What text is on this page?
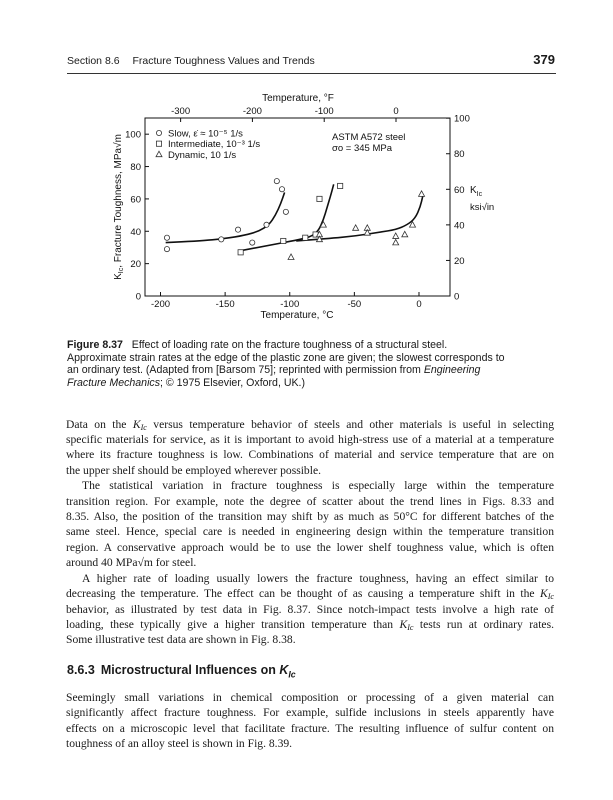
Section 8.6 Fracture Toughness Values and Trends	379
-200	-150	-100	-50	0
0
20
40
60
80
100
-300	-200	-100	0
0
20
40
60
80
100
Temperature, °F
Temperature, °C
$K_{Ic}$, Fracture Toughness, MPa√m	$K_{Ic}$
ksi√in
Slow, ε̇ ≈ 10⁻⁵ 1/s
Intermediate, 10⁻³ 1/s
Dynamic, 10 1/s
ASTM A572 steel
σo = 345 MPa
Figure 8.37 Effect of loading rate on the fracture toughness of a structural steel.
Approximate strain rates at the edge of the plastic zone are given; the slowest corresponds to
an ordinary test. (Adapted from [Barsom 75]; reprinted with permission from Engineering
Fracture Mechanics; © 1975 Elsevier, Oxford, UK.)
Data on the $K_{Ic}$ versus temperature behavior of steels and other materials is useful in selecting
specific materials for service, as it is important to avoid high-stress use of a material at a temperature
where its fracture toughness is low. Combinations of material and service temperature that are on
the upper shelf should be employed wherever possible.
The statistical variation in fracture toughness is especially large within the temperature
transition region. For example, note the degree of scatter about the trend lines in Figs. 8.33 and
8.35. Also, the position of the transition may shift by as much as 50°C for different batches of the
same steel. Hence, special care is needed in engineering design within the temperature transition
region. A conservative approach would be to use the lower shelf toughness value, which is often
around 40 MPa√m for steel.
A higher rate of loading usually lowers the fracture toughness, having an effect similar to
decreasing the temperature. The effect can be thought of as causing a temperature shift in the $K_{Ic}$
behavior, as illustrated by test data in Fig. 8.37. Since notch-impact tests involve a high rate of
loading, these typically give a higher transition temperature than $K_{Ic}$ tests run at ordinary rates.
Some illustrative test data are shown in Fig. 8.38.
Seemingly small variations in chemical composition or processing of a given material can
significantly affect fracture toughness. For example, sulfide inclusions in steels apparently have
effects on a microscopic level that facilitate fracture. The resulting influence of sulfur content on
toughness of an alloy steel is shown in Fig. 8.39.
8.6.3 Microstructural Influences on $K_{Ic}$
